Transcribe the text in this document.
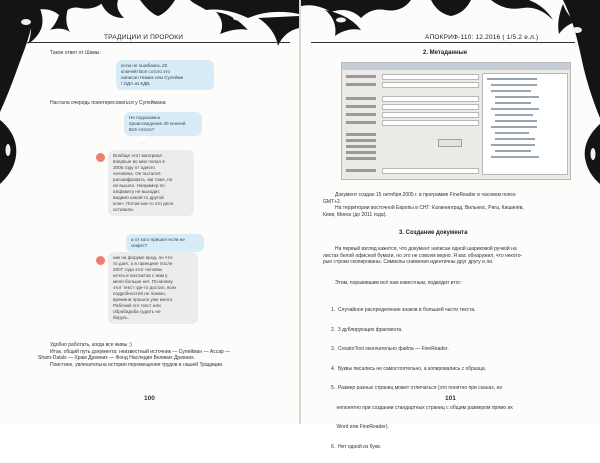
ТРАДИЦИИ И ПРОРОКИ
Такое ответ от Шамы:
если не ошибаюсь 20
ключей! Всё сотого это
написал Нимих или Сулеймн
/ ОДА из КДВ.
Настала очередь поинтересоваться у Сулеймана:
Не подскажеш
происхождение 20 ключей
Всё сотого?
·····
Вообще этот материал
впервые во мне попал в
2006 году от одного
человека. Он пытался
расшифровать, ми тоже, но
не вышло. Например по
алфавиту не выходит,
видимо какой-то другой
ключ. Потом как-то это дело
оставили.
а от кого пришел если не
секрет?
ник на форуме врод, он что-
то дает, а в принципе после
2007 года этот человек
исчез и контактов с ним у
меня больше нет. По-моему
этот текст где-то достал, всех
подробностей не помню,
времени прошло уже много.
Рабочий это текст или
обрабадоба судить не
берусь.
Удобно работать, когда все живы :)
Итак, общий путь документа: неизвестный источник — Сулейман — Ассар —
Sham-Dalals — Храм Древних — Фонд Наследия Великих Древних.
Поистине, увлекательна история перемещения трудов в нашей Традиции.
100
АПОКРИФ-110: 12.2016 ( 1/5.2 е.л.)
2. Метаданные
Документ создан 15 октября 2005 г. в программе FineReader в часовом поясе
GMT+2.
На территории восточной Европы в СНГ: Калининград, Вильнюс, Рига, Кишинёв,
Киев, Минск (до 2011 года).
3. Создание документа
На первый взгляд кажется, что документ написан одной шариковой ручкой на
листах белой офисной бумаги, но это не совсем верно. Я вас обнаружил, что некото-
рые строки скопированы. Символы снижения идентичны друг другу и ли.
Этим, поразившим всё нам известным, подводит итог:

1.  Случайное распределение знаков в большей части текста.

2.  3 дублирующих фрагмента.

3.  CreatorTool окончательно файла — FineReader.

4.  Буквы писались не самостоятельно, а копировались с образца.

5.  Размер разных страниц может отличаться (это понятно при сканах, но

непонятно при создании стандартных страниц с общим размером прямо их

Word или FineReader).

6.  Нет одной из букв.

101
